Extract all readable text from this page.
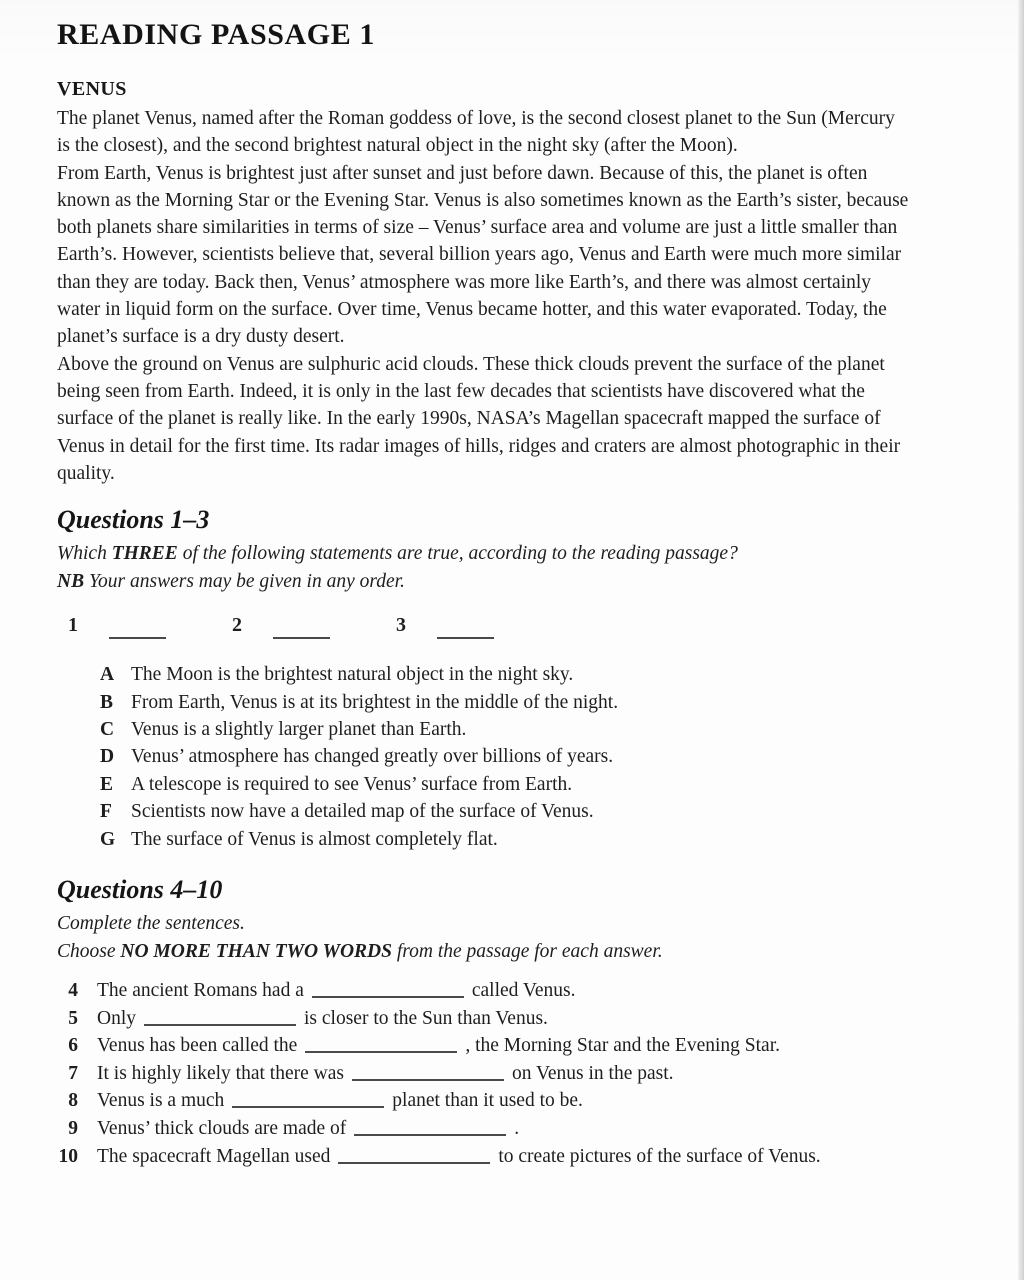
READING PASSAGE 1
VENUS

The planet Venus, named after the Roman goddess of love, is the second closest planet to the Sun (Mercury is the closest), and the second brightest natural object in the night sky (after the Moon).

From Earth, Venus is brightest just after sunset and just before dawn. Because of this, the planet is often known as the Morning Star or the Evening Star. Venus is also sometimes known as the Earth’s sister, because both planets share similarities in terms of size – Venus’ surface area and volume are just a little smaller than Earth’s. However, scientists believe that, several billion years ago, Venus and Earth were much more similar than they are today. Back then, Venus’ atmosphere was more like Earth’s, and there was almost certainly water in liquid form on the surface. Over time, Venus became hotter, and this water evaporated. Today, the planet’s surface is a dry dusty desert.

Above the ground on Venus are sulphuric acid clouds. These thick clouds prevent the surface of the planet being seen from Earth. Indeed, it is only in the last few decades that scientists have discovered what the surface of the planet is really like. In the early 1990s, NASA’s Magellan spacecraft mapped the surface of Venus in detail for the first time. Its radar images of hills, ridges and craters are almost photographic in their quality.

Questions 1–3

Which THREE of the following statements are true, according to the reading passage?

NB Your answers may be given in any order.

1	2	3
A The Moon is the brightest natural object in the night sky.
B From Earth, Venus is at its brightest in the middle of the night.
C Venus is a slightly larger planet than Earth.
D Venus’ atmosphere has changed greatly over billions of years.
E A telescope is required to see Venus’ surface from Earth.
F Scientists now have a detailed map of the surface of Venus.
G The surface of Venus is almost completely flat.
Questions 4–10

Complete the sentences.

Choose NO MORE THAN TWO WORDS from the passage for each answer.

4 The ancient Romans had a	called Venus.
5 Only	is closer to the Sun than Venus.
6 Venus has been called the	, the Morning Star and the Evening Star.
7 It is highly likely that there was	on Venus in the past.
8 Venus is a much	planet than it used to be.
9 Venus’ thick clouds are made of	.
10 The spacecraft Magellan used	to create pictures of the surface of Venus.
